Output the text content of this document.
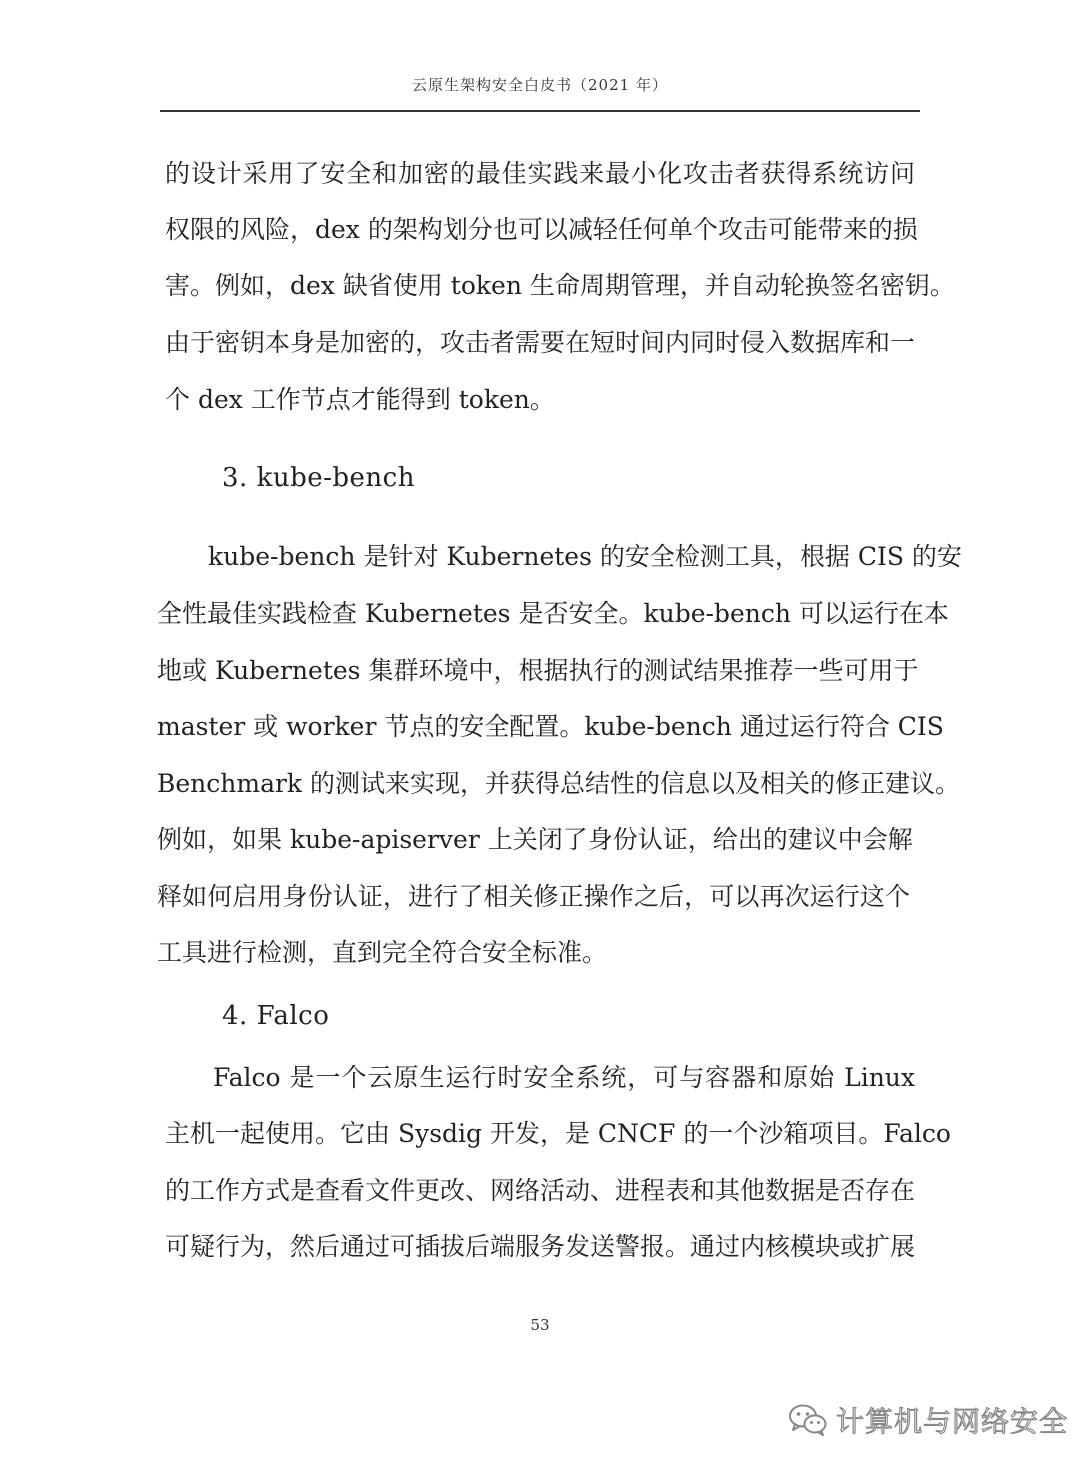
云原生架构安全白皮书（2021 年）
的设计采用了安全和加密的最佳实践来最小化攻击者获得系统访问
权限的风险，dex 的架构划分也可以减轻任何单个攻击可能带来的损
害。例如，dex 缺省使用 token 生命周期管理，并自动轮换签名密钥。
由于密钥本身是加密的，攻击者需要在短时间内同时侵入数据库和一
个 dex 工作节点才能得到 token。
3. kube-bench
kube-bench 是针对 Kubernetes 的安全检测工具，根据 CIS 的安
全性最佳实践检查 Kubernetes 是否安全。kube-bench 可以运行在本
地或 Kubernetes 集群环境中，根据执行的测试结果推荐一些可用于
master 或 worker 节点的安全配置。kube-bench 通过运行符合 CIS
Benchmark 的测试来实现，并获得总结性的信息以及相关的修正建议。
例如，如果 kube-apiserver 上关闭了身份认证，给出的建议中会解
释如何启用身份认证，进行了相关修正操作之后，可以再次运行这个
工具进行检测，直到完全符合安全标准。
4. Falco
Falco 是一个云原生运行时安全系统，可与容器和原始 Linux
主机一起使用。它由 Sysdig 开发，是 CNCF 的一个沙箱项目。Falco
的工作方式是查看文件更改、网络活动、进程表和其他数据是否存在
可疑行为，然后通过可插拔后端服务发送警报。通过内核模块或扩展
53
计算机与网络安全
